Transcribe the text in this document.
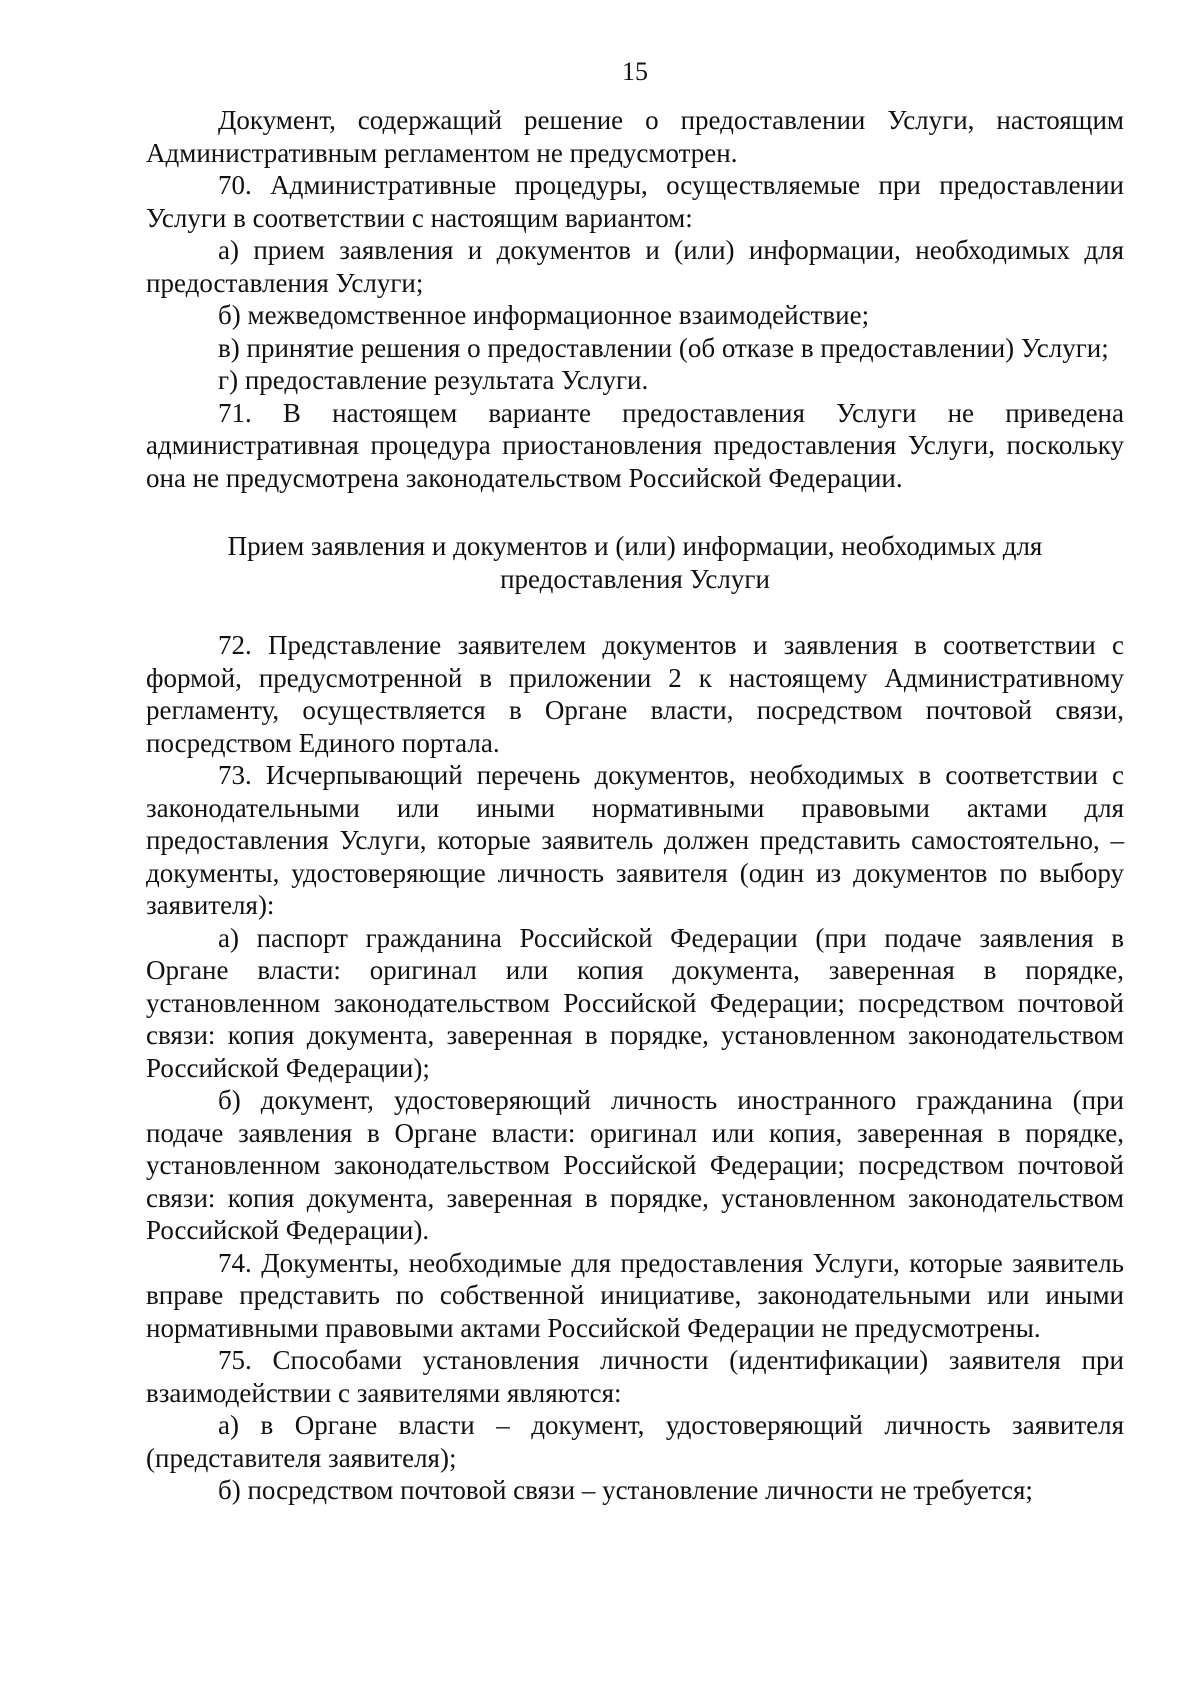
15

Документ, содержащий решение о предоставлении Услуги, настоящим Административным регламентом не предусмотрен.

70. Административные процедуры, осуществляемые при предоставлении Услуги в соответствии с настоящим вариантом:

а) прием заявления и документов и (или) информации, необходимых для предоставления Услуги;

б) межведомственное информационное взаимодействие;

в) принятие решения о предоставлении (об отказе в предоставлении) Услуги;

г) предоставление результата Услуги.

71. В настоящем варианте предоставления Услуги не приведена административная процедура приостановления предоставления Услуги, поскольку она не предусмотрена законодательством Российской Федерации.

Прием заявления и документов и (или) информации, необходимых для предоставления Услуги

72. Представление заявителем документов и заявления в соответствии с формой, предусмотренной в приложении 2 к настоящему Административному регламенту, осуществляется в Органе власти, посредством почтовой связи, посредством Единого портала.

73. Исчерпывающий перечень документов, необходимых в соответствии с законодательными или иными нормативными правовыми актами для предоставления Услуги, которые заявитель должен представить самостоятельно, – документы, удостоверяющие личность заявителя (один из документов по выбору заявителя):

а) паспорт гражданина Российской Федерации (при подаче заявления в Органе власти: оригинал или копия документа, заверенная в порядке, установленном законодательством Российской Федерации; посредством почтовой связи: копия документа, заверенная в порядке, установленном законодательством Российской Федерации);

б) документ, удостоверяющий личность иностранного гражданина (при подаче заявления в Органе власти: оригинал или копия, заверенная в порядке, установленном законодательством Российской Федерации; посредством почтовой связи: копия документа, заверенная в порядке, установленном законодательством Российской Федерации).

74. Документы, необходимые для предоставления Услуги, которые заявитель вправе представить по собственной инициативе, законодательными или иными нормативными правовыми актами Российской Федерации не предусмотрены.

75. Способами установления личности (идентификации) заявителя при взаимодействии с заявителями являются:

а) в Органе власти – документ, удостоверяющий личность заявителя (представителя заявителя);

б) посредством почтовой связи – установление личности не требуется;
